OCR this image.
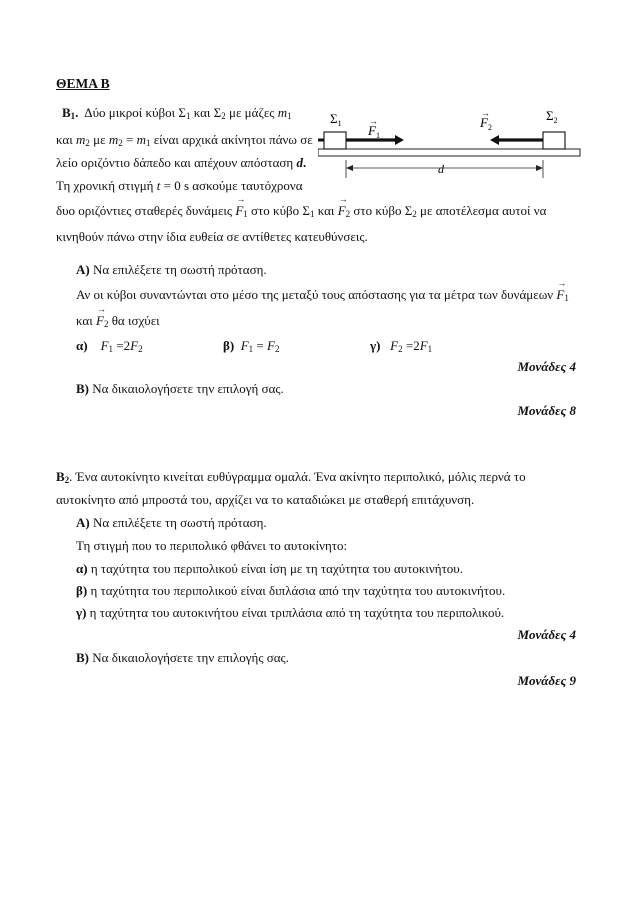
ΘΕΜΑ Β
$B_1$. Δύο μικροί κύβοι $\Sigma_1$ και $\Sigma_2$ με μάζες $m_1$
και $m_2$ με $m_2 = m_1$ είναι αρχικά ακίνητοι πάνω σε
λείο οριζόντιο δάπεδο και απέχουν απόσταση d.
Τη χρονική στιγμή t = 0 s ασκούμε ταυτόχρονα
$\Sigma_1$
$\Sigma_2$
$F_1$
→	$F_2$
→
d
δυο οριζόντιες σταθερές $\delta\upsilon\nu ά\mu\varepsilon\iota\varsigma \to F_1$ στο κύβο $\Sigma_1$ $\kappa\alpha\iota \to F_2$ στο κύβο $\Sigma_2$ με αποτέλεσμα αυτοί να
κινηθούν πάνω στην ίδια ευθεία σε αντίθετες κατευθύνσεις.
Α) Να επιλέξετε τη σωστή πρόταση.
Αν οι κύβοι συναντώνται στο μέσο της μεταξύ τους απόστασης για τα μέτρα των $\delta\upsilon\nu ά\mu\varepsilon\omega\nu \to F_1$
$\kappa\alpha\iota \to F_2$ θα ισχύει
α) $F_1 =2F_2$	β) $F_1 = F_2$	γ) $F_2 =2F_1$
Μονάδες 4
Β) Να δικαιολογήσετε την επιλογή σας.
Μονάδες 8
$B_2$. Ένα αυτοκίνητο κινείται ευθύγραμμα ομαλά. Ένα ακίνητο περιπολικό, μόλις περνά το
αυτοκίνητο από μπροστά του, αρχίζει να το καταδιώκει με σταθερή επιτάχυνση.
Α) Να επιλέξετε τη σωστή πρόταση.
Τη στιγμή που το περιπολικό φθάνει το αυτοκίνητο:
α) η ταχύτητα του περιπολικού είναι ίση με τη ταχύτητα του αυτοκινήτου.
β) η ταχύτητα του περιπολικού είναι διπλάσια από την ταχύτητα του αυτοκινήτου.
γ) η ταχύτητα του αυτοκινήτου είναι τριπλάσια από τη ταχύτητα του περιπολικού.
Μονάδες 4
Β) Να δικαιολογήσετε την επιλογής σας.
Μονάδες 9
